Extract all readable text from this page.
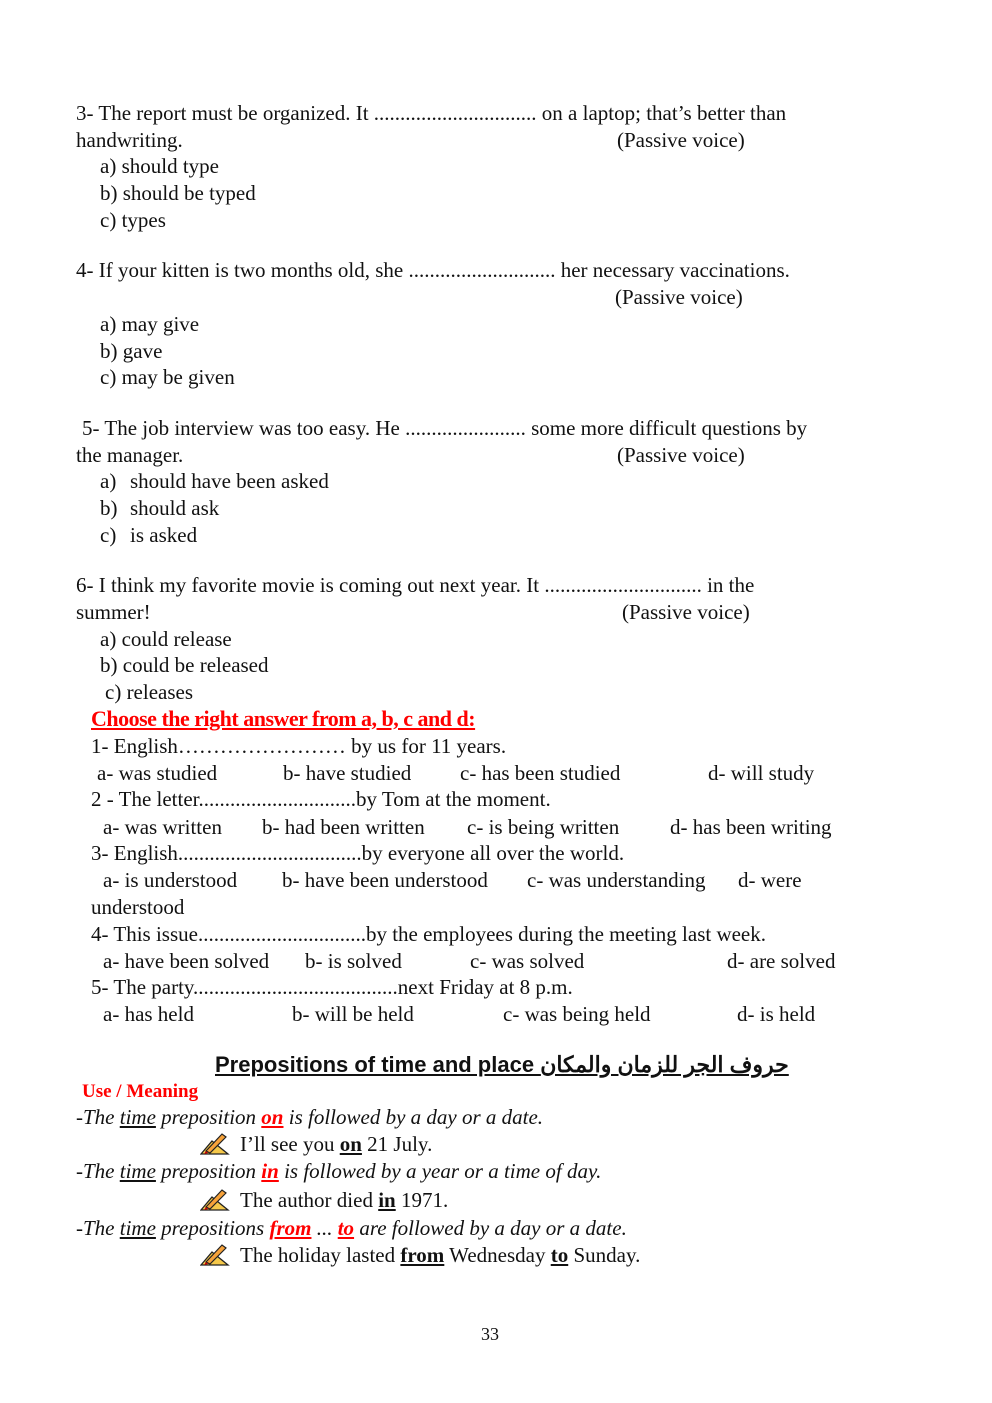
3- The report must be organized. It ............................... on a laptop; that’s better than
handwriting.	(Passive voice)
a) should type
b) should be typed
c) types
4- If your kitten is two months old, she ............................ her necessary vaccinations.
(Passive voice)
a) may give
b) gave
c) may be given
5- The job interview was too easy. He ....................... some more difficult questions by
the manager.	(Passive voice)
a) should have been asked
b) should ask
c) is asked
6- I think my favorite movie is coming out next year. It .............................. in the
summer!	(Passive voice)
a) could release
b) could be released
c) releases
Choose the right answer from a, b, c and d:
1- English…………………… by us for 11 years.
a- was studied	b- have studied c- has been studied	d- will study
2 - The letter..............................by Tom at the moment.
a- was written b- had been written c- is being written d- has been writing
3- English...................................by everyone all over the world.
a- is understood b- have been understood c- was understanding d- were
understood
4- This issue................................by the employees during the meeting last week.
a- have been solved b- is solved	c- was solved	d- are solved
5- The party.......................................next Friday at 8 p.m.
a- has held	b- will be held	c- was being held	d- is held
Prepositions of time and place حروف الجر للزمان والمكان
Use / Meaning
-The time preposition on is followed by a day or a date.
I’ll see you on 21 July.
-The time preposition in is followed by a year or a time of day.
The author died in 1971.
-The time prepositions from ... to are followed by a day or a date.
The holiday lasted from Wednesday to Sunday.
33
